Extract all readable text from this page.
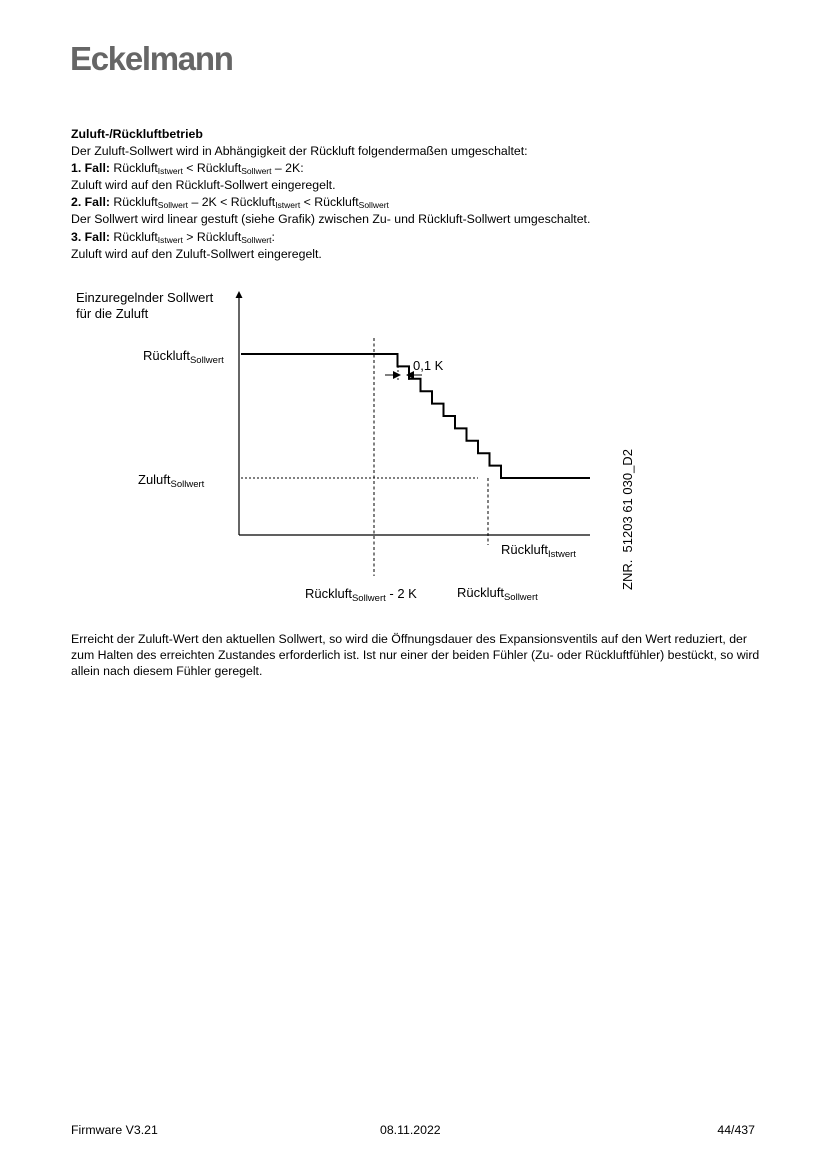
Eckelmann
Zuluft-/Rückluftbetrieb
Der Zuluft-Sollwert wird in Abhängigkeit der Rückluft folgendermaßen umgeschaltet:
1. Fall: Rückluft$_{Istwert}$ < Rückluft$_{Sollwert}$ – 2K:
Zuluft wird auf den Rückluft-Sollwert eingeregelt.
2. Fall: Rückluft$_{Sollwert}$ – 2K < Rückluft$_{Istwert}$ < Rückluft$_{Sollwert}$
Der Sollwert wird linear gestuft (siehe Grafik) zwischen Zu- und Rückluft-Sollwert umgeschaltet.
3. Fall: Rückluft$_{Istwert}$ > Rückluft$_{Sollwert}$:
Zuluft wird auf den Zuluft-Sollwert eingeregelt.
Einzuregelnder Sollwert
für die Zuluft
Rückluft$_{Sollwert}$
Zuluft$_{Sollwert}$
0,1 K
Rückluft$_{Istwert}$
Rückluft$_{Sollwert}$ - 2 K	Rückluft$_{Sollwert}$
ZNR.  51203 61 030_D2
Erreicht der Zuluft-Wert den aktuellen Sollwert, so wird die Öffnungsdauer des Expansionsventils auf den Wert reduziert, der zum Halten des erreichten Zustandes erforderlich ist. Ist nur einer der beiden Fühler (Zu- oder Rückluftfühler) bestückt, so wird allein nach diesem Fühler geregelt.
Firmware V3.21	08.11.2022	44/437
